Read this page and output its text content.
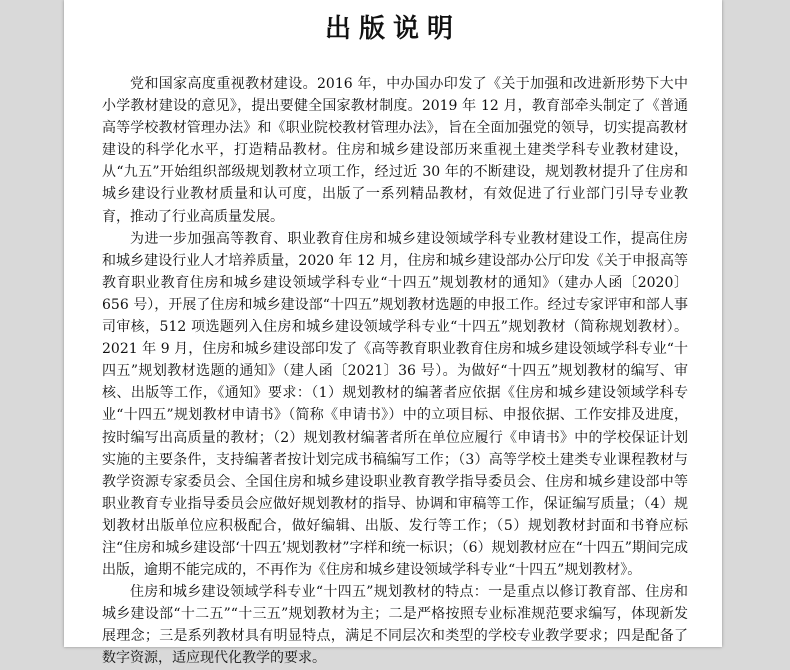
出版说明

党和国家高度重视教材建设。2016 年，中办国办印发了《关于加强和改进新形势下大中小学教材建设的意见》，提出要健全国家教材制度。2019 年 12 月，教育部牵头制定了《普通高等学校教材管理办法》和《职业院校教材管理办法》，旨在全面加强党的领导，切实提高教材建设的科学化水平，打造精品教材。住房和城乡建设部历来重视土建类学科专业教材建设，从“九五”开始组织部级规划教材立项工作，经过近 30 年的不断建设，规划教材提升了住房和城乡建设行业教材质量和认可度，出版了一系列精品教材，有效促进了行业部门引导专业教育，推动了行业高质量发展。

为进一步加强高等教育、职业教育住房和城乡建设领域学科专业教材建设工作，提高住房和城乡建设行业人才培养质量，2020 年 12 月，住房和城乡建设部办公厅印发《关于申报高等教育职业教育住房和城乡建设领域学科专业“十四五”规划教材的通知》（建办人函〔2020〕656 号），开展了住房和城乡建设部“十四五”规划教材选题的申报工作。经过专家评审和部人事司审核，512 项选题列入住房和城乡建设领域学科专业“十四五”规划教材（简称规划教材）。2021 年 9 月，住房和城乡建设部印发了《高等教育职业教育住房和城乡建设领域学科专业“十四五”规划教材选题的通知》（建人函〔2021〕36 号）。为做好“十四五”规划教材的编写、审核、出版等工作，《通知》要求：（1）规划教材的编著者应依据《住房和城乡建设领域学科专业“十四五”规划教材申请书》（简称《申请书》）中的立项目标、申报依据、工作安排及进度，按时编写出高质量的教材；（2）规划教材编著者所在单位应履行《申请书》中的学校保证计划实施的主要条件，支持编著者按计划完成书稿编写工作；（3）高等学校土建类专业课程教材与教学资源专家委员会、全国住房和城乡建设职业教育教学指导委员会、住房和城乡建设部中等职业教育专业指导委员会应做好规划教材的指导、协调和审稿等工作，保证编写质量；（4）规划教材出版单位应积极配合，做好编辑、出版、发行等工作；（5）规划教材封面和书脊应标注“住房和城乡建设部‘十四五’规划教材”字样和统一标识；（6）规划教材应在“十四五”期间完成出版，逾期不能完成的，不再作为《住房和城乡建设领域学科专业“十四五”规划教材》。

住房和城乡建设领域学科专业“十四五”规划教材的特点：一是重点以修订教育部、住房和城乡建设部“十二五”“十三五”规划教材为主；二是严格按照专业标准规范要求编写，体现新发展理念；三是系列教材具有明显特点，满足不同层次和类型的学校专业教学要求；四是配备了数字资源，适应现代化教学的要求。
